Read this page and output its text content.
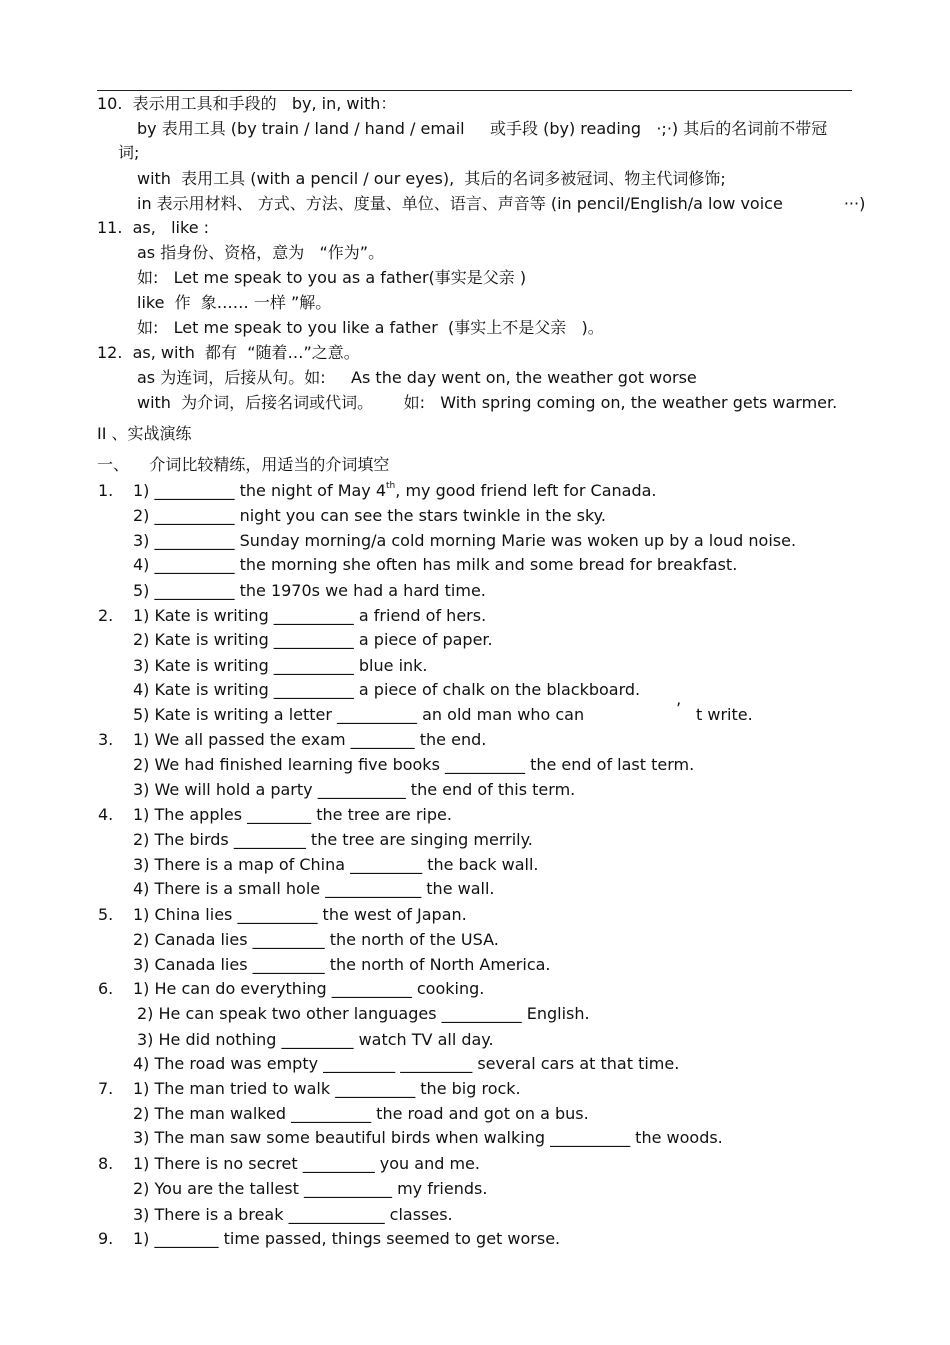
10.  表示用工具和手段的   by, in, with：
by 表用工具 (by train / land / hand / email     或手段 (by) reading   ·;·) 其后的名词前不带冠
词;
with  表用工具 (with a pencil / our eyes),  其后的名词多被冠词、物主代词修饰;
in 表示用材料、 方式、方法、度量、单位、语言、声音等 (in pencil/English/a low voice            ···)
11.  as,   like :
as 指身份、资格，意为   “作为”。
如:   Let me speak to you as a father(事实是父亲 )
like  作  象…… 一样 ”解。
如:   Let me speak to you like a father  (事实上不是父亲   )。
12.  as, with  都有  “随着…”之意。
as 为连词，后接从句。如:     As the day went on, the weather got worse
with  为介词，后接名词或代词。      如:   With spring coming on, the weather gets warmer.
II 、实战演练
一、    介词比较精练，用适当的介词填空
1. 1) __________ the night of May 4th, my good friend left for Canada.
2) __________ night you can see the stars twinkle in the sky.
3) __________ Sunday morning/a cold morning Marie was woken up by a loud noise.
4) __________ the morning she often has milk and some bread for breakfast.
5) __________ the 1970s we had a hard time.
2. 1) Kate is writing __________ a friend of hers.
2) Kate is writing __________ a piece of paper.
3) Kate is writing __________ blue ink.
4) Kate is writing __________ a piece of chalk on the blackboard.
5) Kate is writing a letter __________ an old man who can	’ t write.
3. 1) We all passed the exam ________ the end.
2) We had finished learning five books __________ the end of last term.
3) We will hold a party ___________ the end of this term.
4. 1) The apples ________ the tree are ripe.
2) The birds _________ the tree are singing merrily.
3) There is a map of China _________ the back wall.
4) There is a small hole ____________ the wall.
5. 1) China lies __________ the west of Japan.
2) Canada lies _________ the north of the USA.
3) Canada lies _________ the north of North America.
6. 1) He can do everything __________ cooking.
2) He can speak two other languages __________ English.
3) He did nothing _________ watch TV all day.
4) The road was empty _________ _________ several cars at that time.
7. 1) The man tried to walk __________ the big rock.
2) The man walked __________ the road and got on a bus.
3) The man saw some beautiful birds when walking __________ the woods.
8. 1) There is no secret _________ you and me.
2) You are the tallest ___________ my friends.
3) There is a break ____________ classes.
9. 1) ________ time passed, things seemed to get worse.
